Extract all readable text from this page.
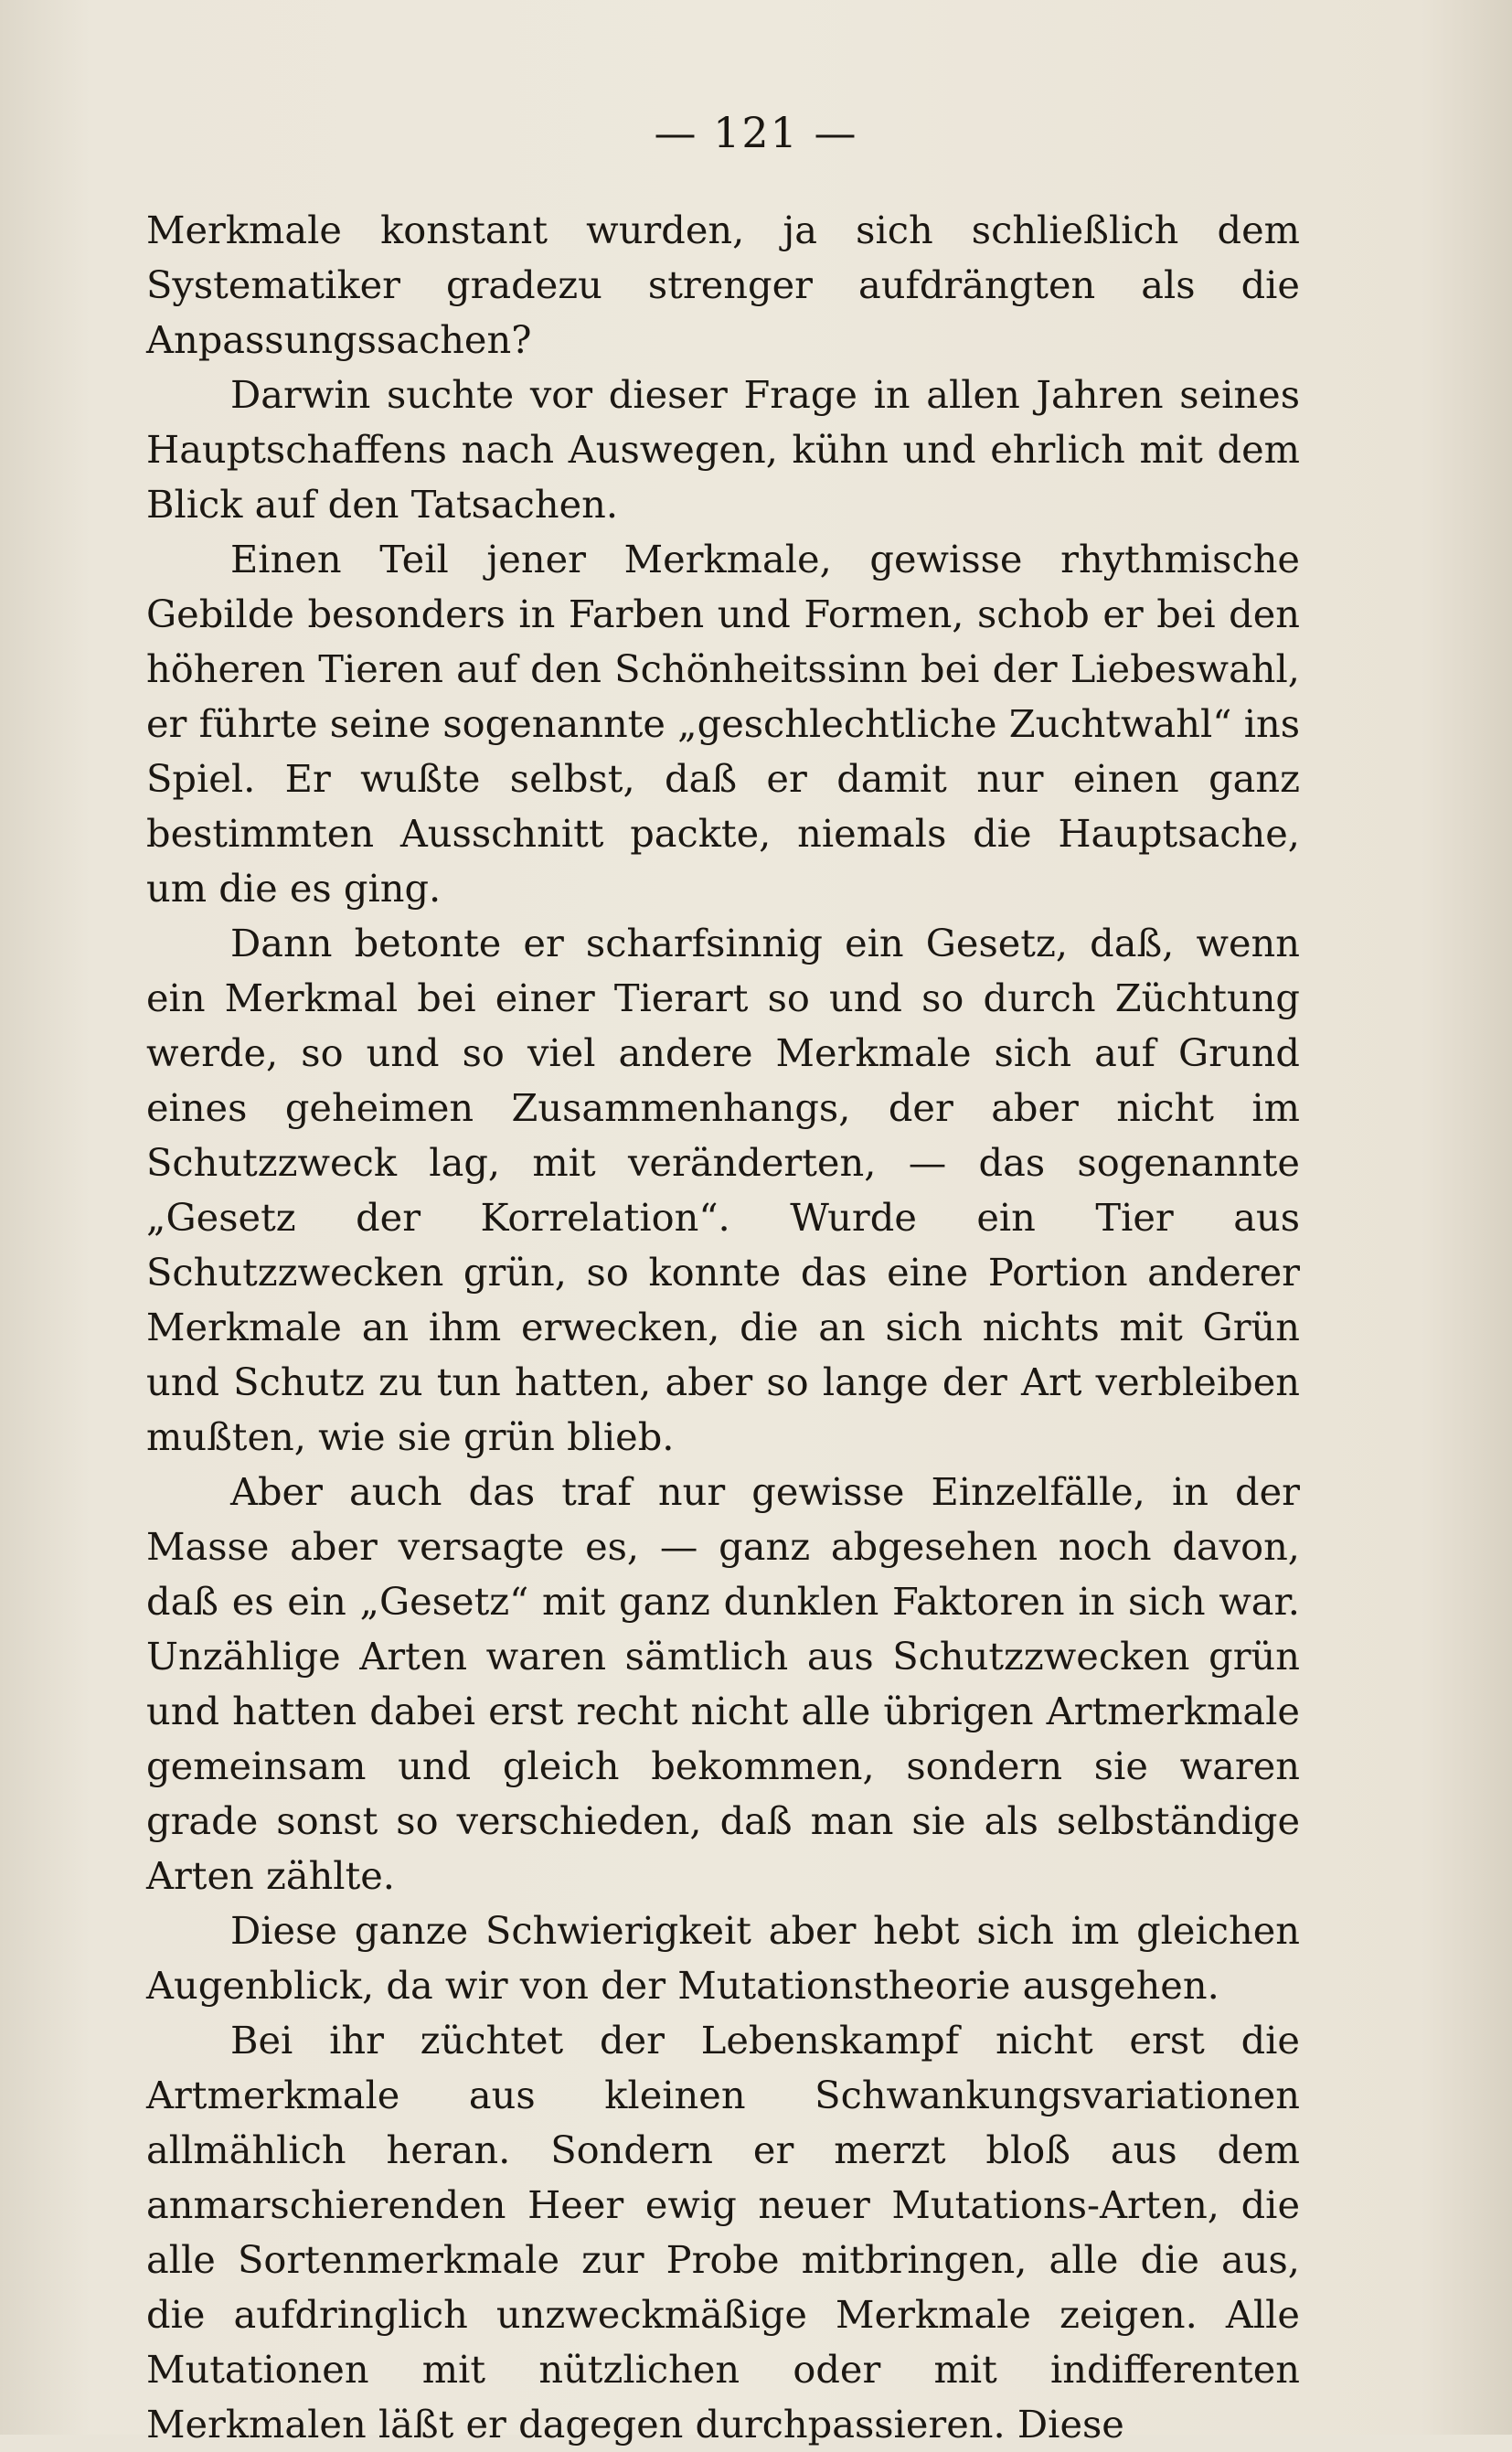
— 121 —

Merkmale konstant wurden, ja sich schließlich dem Systematiker gradezu strenger aufdrängten als die Anpassungssachen?

Darwin suchte vor dieser Frage in allen Jahren seines Hauptschaffens nach Auswegen, kühn und ehrlich mit dem Blick auf den Tatsachen.

Einen Teil jener Merkmale, gewisse rhythmische Gebilde besonders in Farben und Formen, schob er bei den höheren Tieren auf den Schönheitssinn bei der Liebeswahl, er führte seine sogenannte „geschlechtliche Zuchtwahl“ ins Spiel. Er wußte selbst, daß er damit nur einen ganz bestimmten Ausschnitt packte, niemals die Hauptsache, um die es ging.

Dann betonte er scharfsinnig ein Gesetz, daß, wenn ein Merkmal bei einer Tierart so und so durch Züchtung werde, so und so viel andere Merkmale sich auf Grund eines geheimen Zusammenhangs, der aber nicht im Schutzzweck lag, mit veränderten, — das sogenannte „Gesetz der Korrelation“. Wurde ein Tier aus Schutzzwecken grün, so konnte das eine Portion anderer Merkmale an ihm erwecken, die an sich nichts mit Grün und Schutz zu tun hatten, aber so lange der Art verbleiben mußten, wie sie grün blieb.

Aber auch das traf nur gewisse Einzelfälle, in der Masse aber versagte es, — ganz abgesehen noch davon, daß es ein „Gesetz“ mit ganz dunklen Faktoren in sich war. Unzählige Arten waren sämtlich aus Schutzzwecken grün und hatten dabei erst recht nicht alle übrigen Artmerkmale gemeinsam und gleich bekommen, sondern sie waren grade sonst so verschieden, daß man sie als selbständige Arten zählte.

Diese ganze Schwierigkeit aber hebt sich im gleichen Augenblick, da wir von der Mutationstheorie ausgehen.

Bei ihr züchtet der Lebenskampf nicht erst die Artmerkmale aus kleinen Schwankungsvariationen allmählich heran. Sondern er merzt bloß aus dem anmarschierenden Heer ewig neuer Mutations-Arten, die alle Sortenmerkmale zur Probe mitbringen, alle die aus, die aufdringlich unzweckmäßige Merkmale zeigen. Alle Mutationen mit nützlichen oder mit indifferenten Merkmalen läßt er dagegen durchpassieren. Diese
